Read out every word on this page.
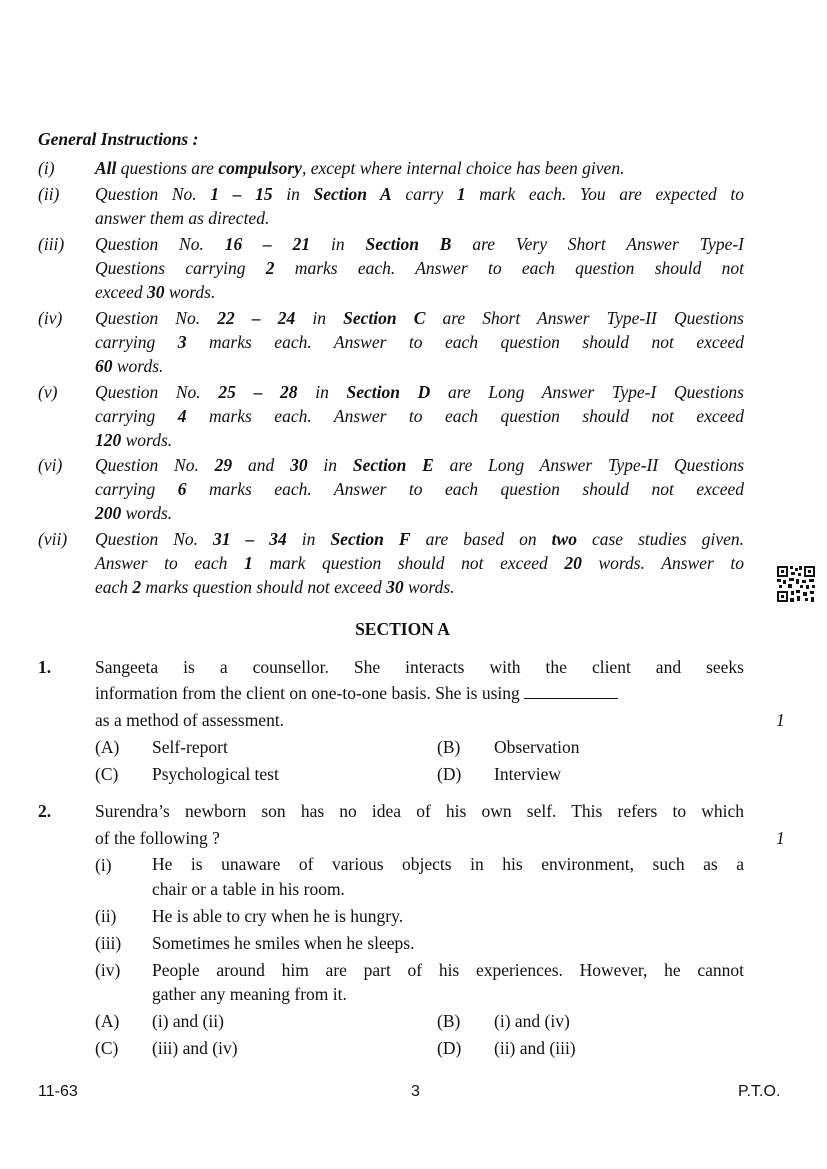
General Instructions :
(i) All questions are compulsory, except where internal choice has been given.
(ii) Question No. 1 – 15 in Section A carry 1 mark each. You are expected to
answer them as directed.
(iii) Question No. 16 – 21 in Section B are Very Short Answer Type-I
Questions carrying 2 marks each. Answer to each question should not
exceed 30 words.
(iv) Question No. 22 – 24 in Section C are Short Answer Type-II Questions
carrying 3 marks each. Answer to each question should not exceed
60 words.
(v) Question No. 25 – 28 in Section D are Long Answer Type-I Questions
carrying 4 marks each. Answer to each question should not exceed
120 words.
(vi) Question No. 29 and 30 in Section E are Long Answer Type-II Questions
carrying 6 marks each. Answer to each question should not exceed
200 words.
(vii) Question No. 31 – 34 in Section F are based on two case studies given.
Answer to each 1 mark question should not exceed 20 words. Answer to
each 2 marks question should not exceed 30 words.
SECTION A
1.	Sangeeta is a counsellor. She interacts with the client and seeks
information from the client on one-to-one basis. She is using
as a method of assessment.	1
(A) Self-report	(B) Observation
(C) Psychological test	(D) Interview
2.	Surendra’s newborn son has no idea of his own self. This refers to which
of the following ?	1
(i) He is unaware of various objects in his environment, such as a
chair or a table in his room.
(ii) He is able to cry when he is hungry.
(iii) Sometimes he smiles when he sleeps.
(iv) People around him are part of his experiences. However, he cannot
gather any meaning from it.
(A) (i) and (ii)	(B) (i) and (iv)
(C) (iii) and (iv)	(D) (ii) and (iii)
11-63	3	P.T.O.
